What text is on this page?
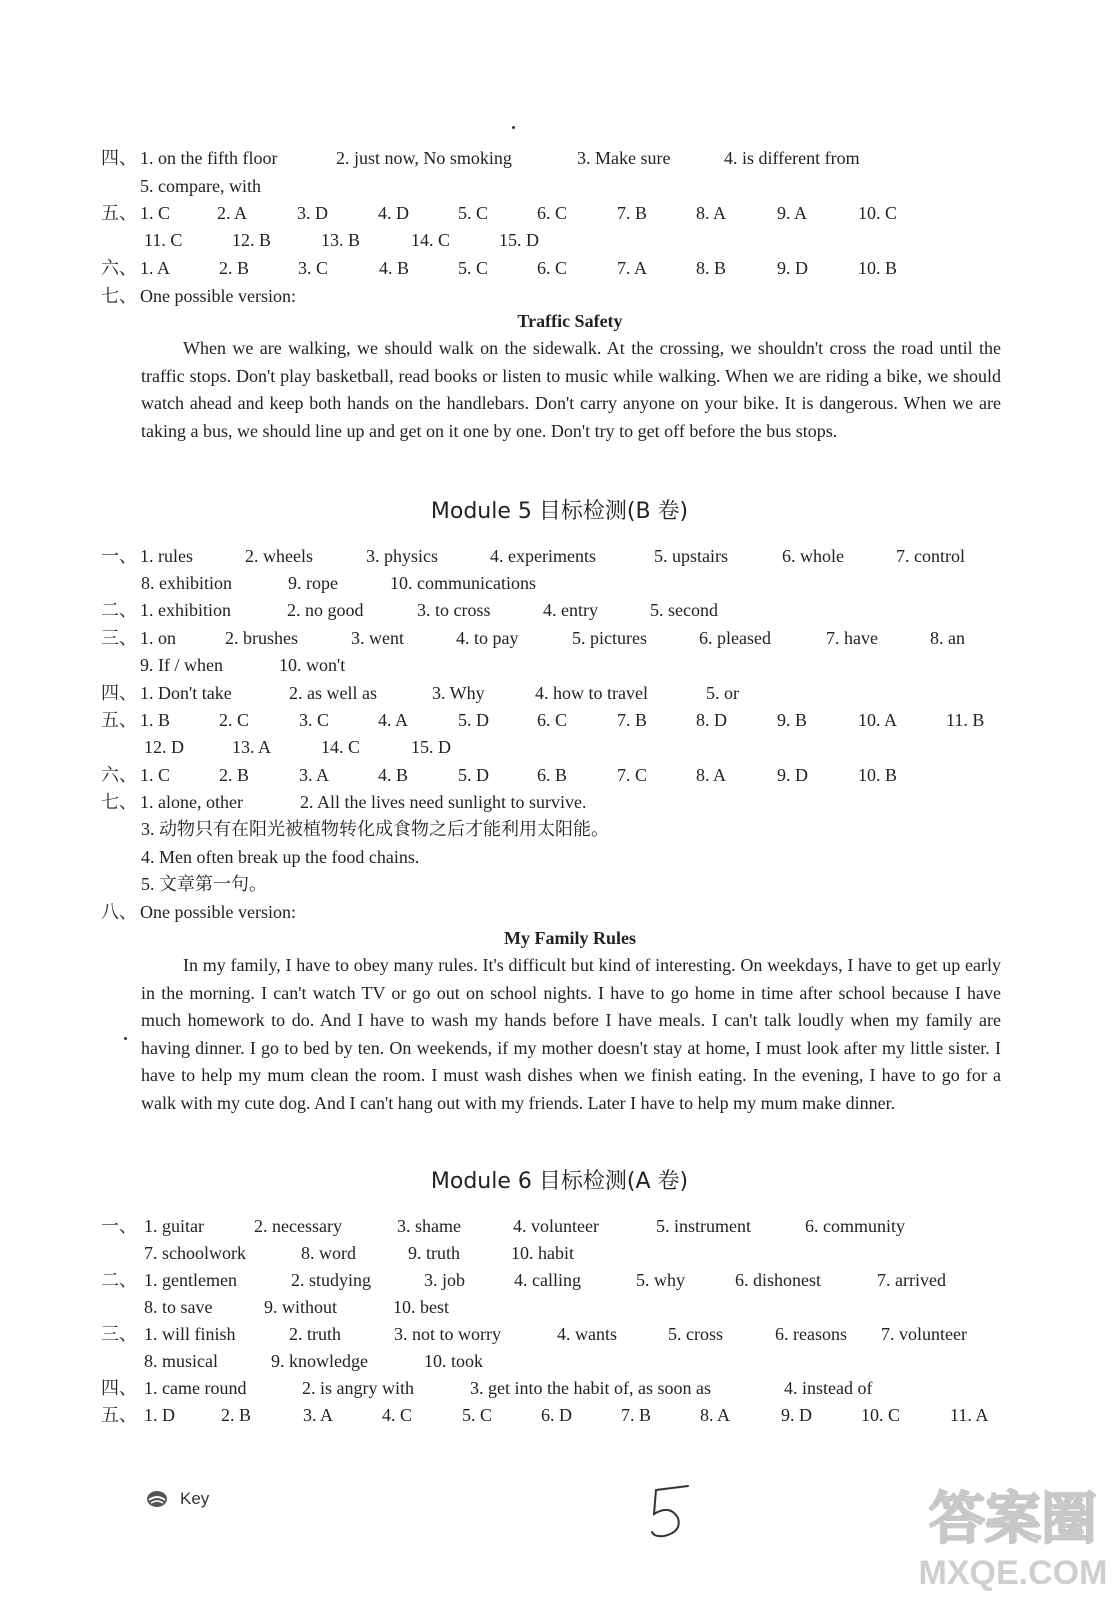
四、 1. on the fifth floor	2. just now, No smoking	3. Make sure	4. is different from
5. compare, with
五、 1. C	2. A	3. D	4. D	5. C	6. C	7. B	8. A	9. A	10. C
11. C	12. B	13. B	14. C	15. D
六、 1. A	2. B	3. C	4. B	5. C	6. C	7. A	8. B	9. D	10. B
七、 One possible version:
Traffic Safety
When we are walking, we should walk on the sidewalk. At the crossing, we shouldn't cross the road until the traffic stops. Don't play basketball, read books or listen to music while walking. When we are riding a bike, we should watch ahead and keep both hands on the handlebars. Don't carry anyone on your bike. It is dangerous. When we are taking a bus, we should line up and get on it one by one. Don't try to get off before the bus stops.
Module 5 目标检测(B 卷)
一、 1. rules	2. wheels	3. physics	4. experiments	5. upstairs	6. whole	7. control
8. exhibition	9. rope	10. communications
二、 1. exhibition	2. no good	3. to cross	4. entry	5. second
三、 1. on	2. brushes	3. went	4. to pay	5. pictures	6. pleased	7. have	8. an
9. If / when	10. won't
四、 1. Don't take	2. as well as	3. Why	4. how to travel	5. or
五、 1. B	2. C	3. C	4. A	5. D	6. C	7. B	8. D	9. B	10. A	11. B
12. D	13. A	14. C	15. D
六、 1. C	2. B	3. A	4. B	5. D	6. B	7. C	8. A	9. D	10. B
七、 1. alone, other	2. All the lives need sunlight to survive.
3. 动物只有在阳光被植物转化成食物之后才能利用太阳能。
4. Men often break up the food chains.
5. 文章第一句。
八、 One possible version:
My Family Rules
In my family, I have to obey many rules. It's difficult but kind of interesting. On weekdays, I have to get up early in the morning. I can't watch TV or go out on school nights. I have to go home in time after school because I have much homework to do. And I have to wash my hands before I have meals. I can't talk loudly when my family are having dinner. I go to bed by ten. On weekends, if my mother doesn't stay at home, I must look after my little sister. I have to help my mum clean the room. I must wash dishes when we finish eating. In the evening, I have to go for a walk with my cute dog. And I can't hang out with my friends. Later I have to help my mum make dinner.
Module 6 目标检测(A 卷)
一、 1. guitar	2. necessary	3. shame	4. volunteer	5. instrument	6. community
7. schoolwork	8. word	9. truth	10. habit
二、 1. gentlemen	2. studying	3. job	4. calling	5. why	6. dishonest	7. arrived
8. to save	9. without	10. best
三、 1. will finish	2. truth	3. not to worry	4. wants	5. cross	6. reasons 7. volunteer
8. musical	9. knowledge	10. took
四、 1. came round	2. is angry with	3. get into the habit of, as soon as	4. instead of
五、 1. D	2. B	3. A	4. C	5. C	6. D	7. B	8. A	9. D	10. C	11. A
Key	答案圈
MXQE.COM
